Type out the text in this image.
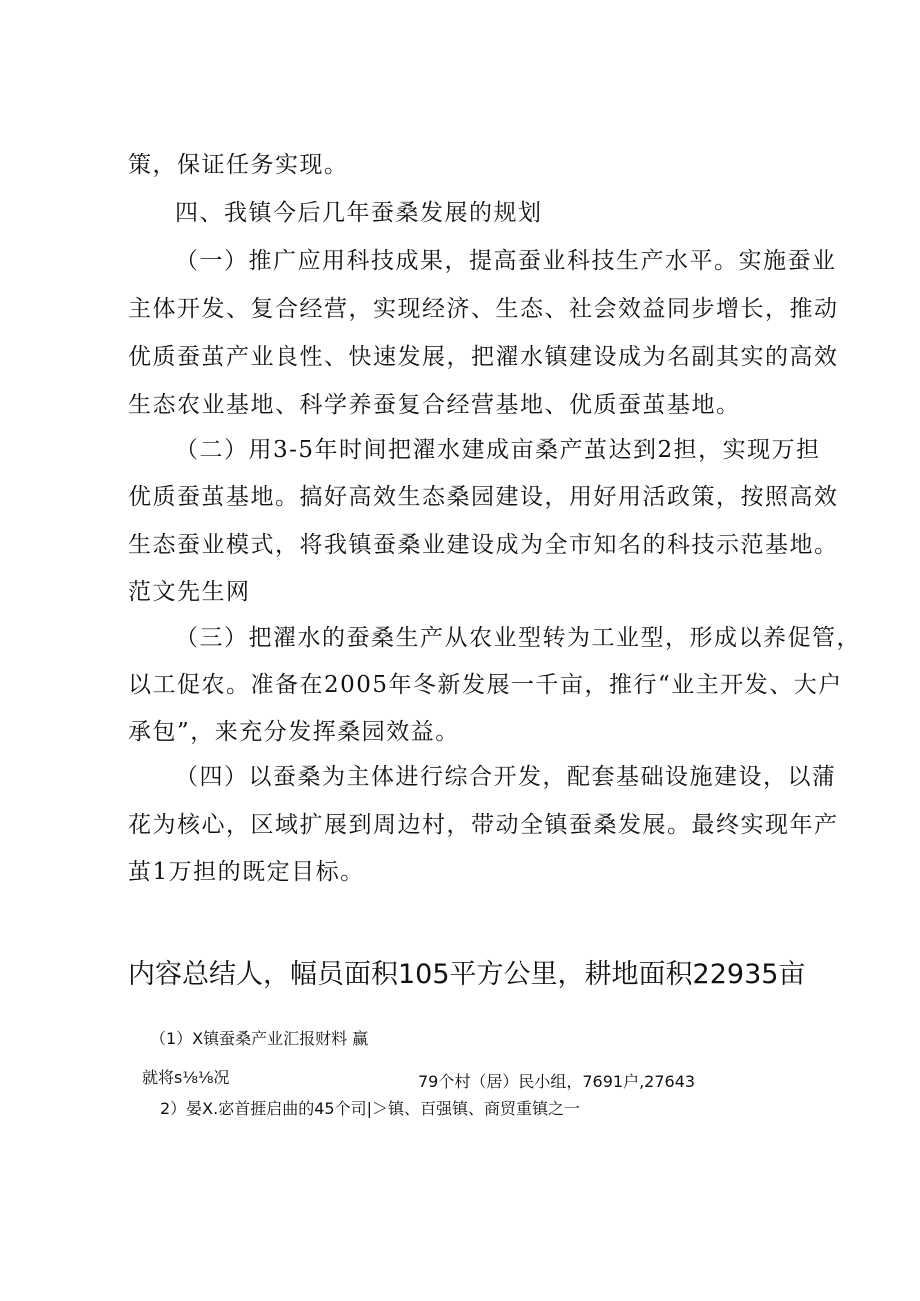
策，保证任务实现。
四、我镇今后几年蚕桑发展的规划
（一）推广应用科技成果，提高蚕业科技生产水平。实施蚕业
主体开发、复合经营，实现经济、生态、社会效益同步增长，推动
优质蚕茧产业良性、快速发展，把濯水镇建设成为名副其实的高效
生态农业基地、科学养蚕复合经营基地、优质蚕茧基地。
（二）用3-5年时间把濯水建成亩桑产茧达到2担，实现万担
优质蚕茧基地。搞好高效生态桑园建设，用好用活政策，按照高效
生态蚕业模式，将我镇蚕桑业建设成为全市知名的科技示范基地。
范文先生网
（三）把濯水的蚕桑生产从农业型转为工业型，形成以养促管，
以工促农。准备在2005年冬新发展一千亩，推行“业主开发、大户
承包”，来充分发挥桑园效益。
（四）以蚕桑为主体进行综合开发，配套基础设施建设，以蒲
花为核心，区域扩展到周边村，带动全镇蚕桑发展。最终实现年产
茧1万担的既定目标。
内容总结人，幅员面积105平方公里，耕地面积22935亩
（1）X镇蚕桑产业汇报财料 赢
就将s⅛⅛况	79个村（居）民小组，7691户,27643
2）晏X.宓首捱启曲的45个司|＞镇、百强镇、商贸重镇之一
